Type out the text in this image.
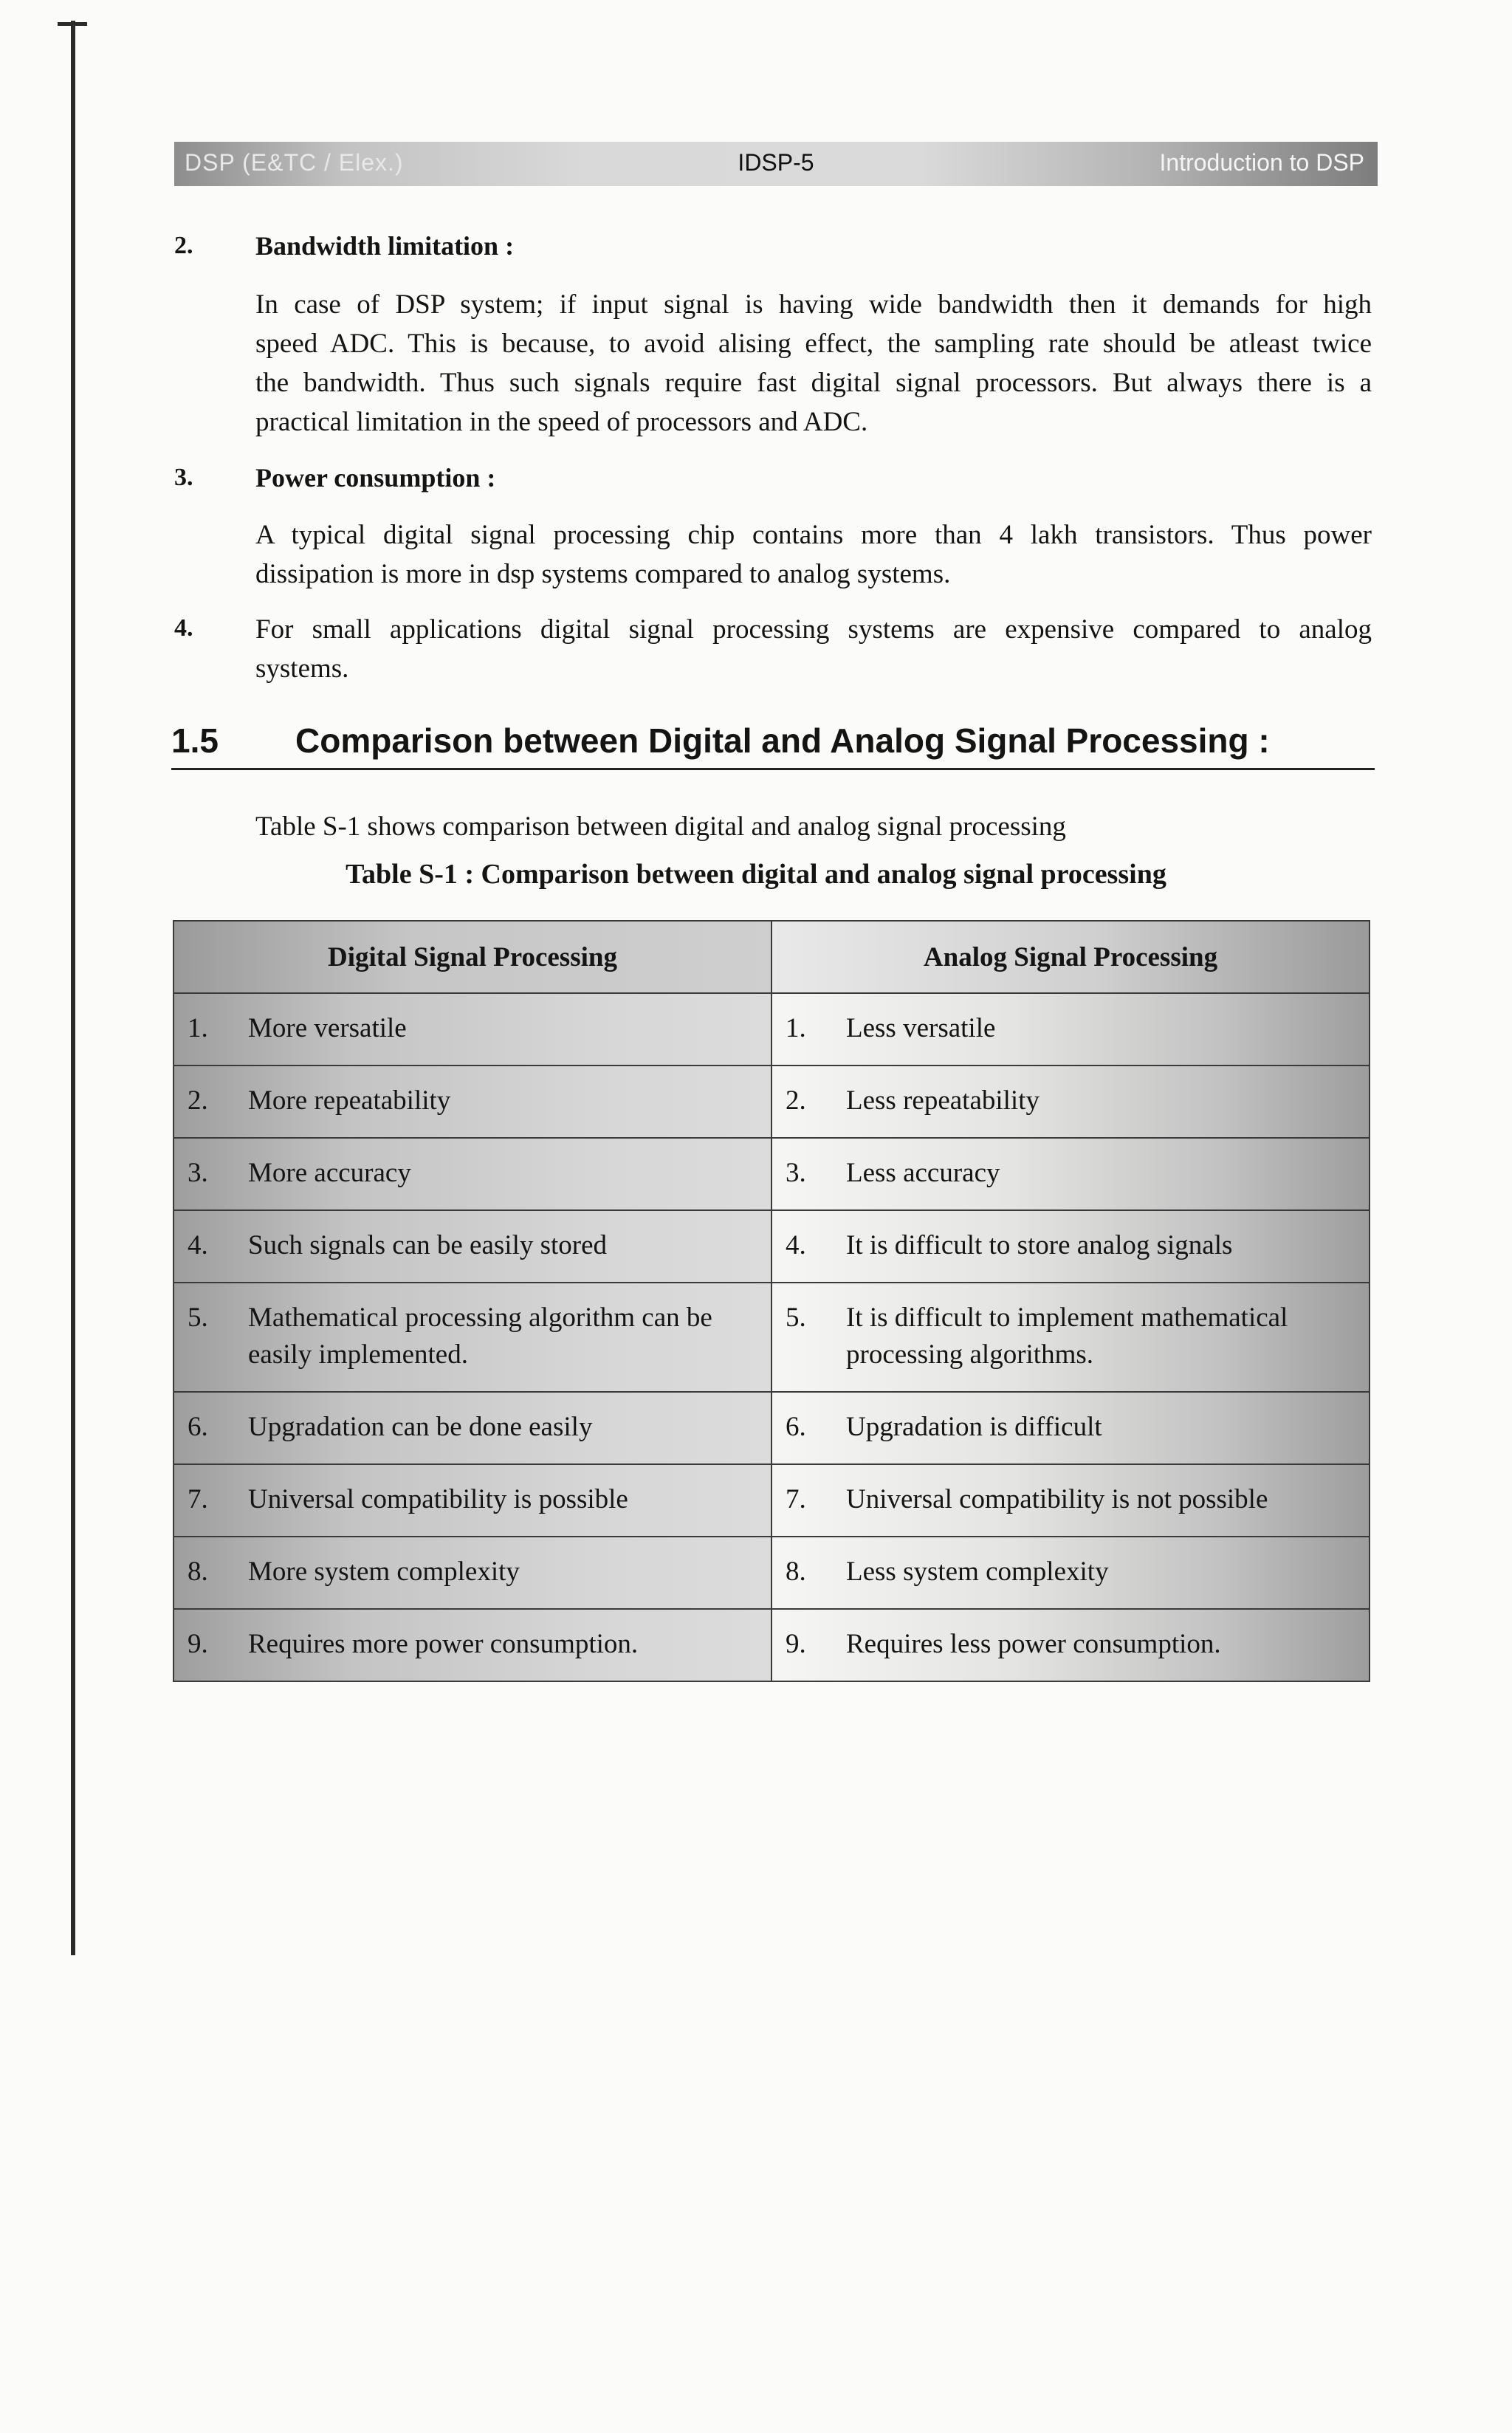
DSP (E&TC / Elex.)	IDSP-5	Introduction to DSP
2. Bandwidth limitation :
In case of DSP system; if input signal is having wide bandwidth then it demands for high
speed ADC. This is because, to avoid alising effect, the sampling rate should be atleast twice
the bandwidth. Thus such signals require fast digital signal processors. But always there is a
practical limitation in the speed of processors and ADC.
3. Power consumption :
A typical digital signal processing chip contains more than 4 lakh transistors. Thus power
dissipation is more in dsp systems compared to analog systems.
4. For small applications digital signal processing systems are expensive compared to analog
systems.
1.5 Comparison between Digital and Analog Signal Processing :
Table S-1 shows comparison between digital and analog signal processing
Table S-1 : Comparison between digital and analog signal processing
Digital Signal Processing	Analog Signal Processing

1. More versatile	1. Less versatile

2. More repeatability	2. Less repeatability

3. More accuracy	3. Less accuracy

4. Such signals can be easily stored	4. It is difficult to store analog signals

5. Mathematical processing algorithm can be easily implemented.	5. It is difficult to implement mathematical processing algorithms.

6. Upgradation can be done easily	6. Upgradation is difficult

7. Universal compatibility is possible	7. Universal compatibility is not possible

8. More system complexity	8. Less system complexity

9. Requires more power consumption.	9. Requires less power consumption.
